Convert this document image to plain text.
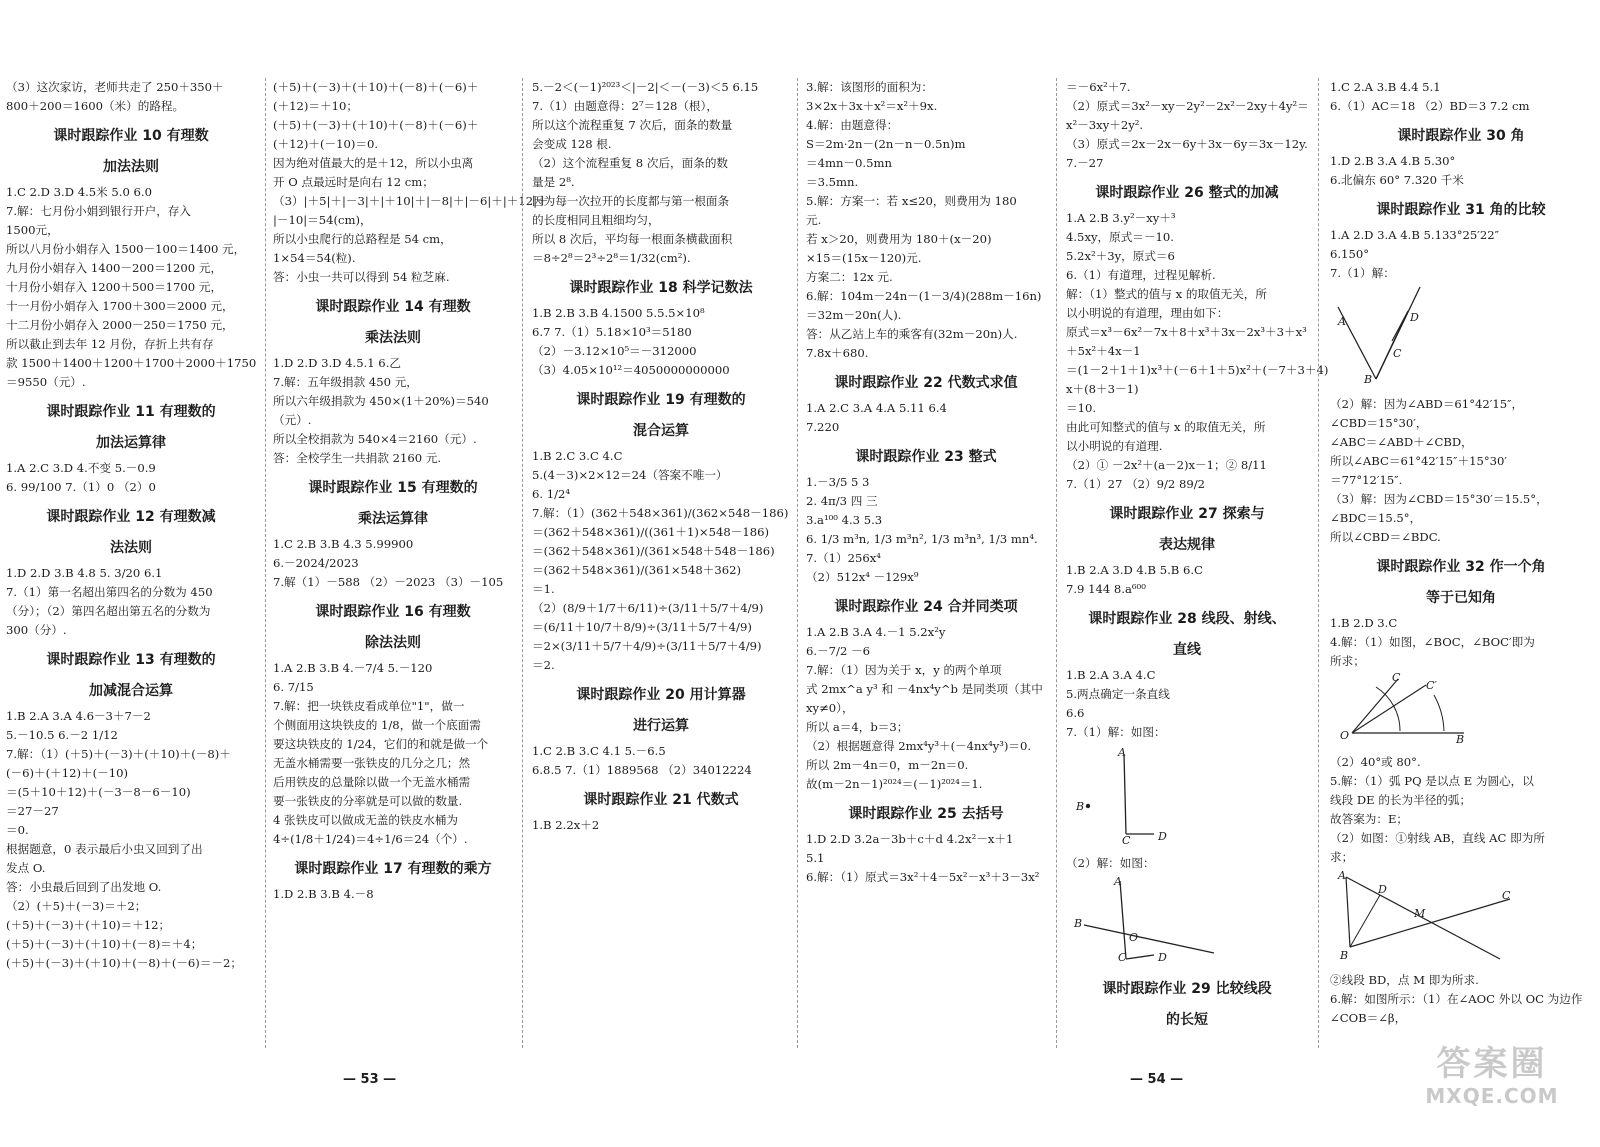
（3）这次家访，老师共走了 250＋350＋
800＋200＝1600（米）的路程。
课时跟踪作业 10 有理数
加法法则
1.C 2.D 3.D 4.5米 5.0 6.0
7.解：七月份小娟到银行开户，存入
1500元，
所以八月份小娟存入 1500－100＝1400 元，
九月份小娟存入 1400－200＝1200 元，
十月份小娟存入 1200＋500＝1700 元，
十一月份小娟存入 1700＋300＝2000 元，
十二月份小娟存入 2000－250＝1750 元，
所以截止到去年 12 月份，存折上共有存
款 1500＋1400＋1200＋1700＋2000＋1750
＝9550（元）.
课时跟踪作业 11 有理数的
加法运算律
1.A 2.C 3.D 4.不变 5.－0.9
6. 99/100 7.（1）0 （2）0
课时跟踪作业 12 有理数减
法法则
1.D 2.D 3.B 4.8 5. 3/20 6.1
7.（1）第一名超出第四名的分数为 450
（分）；（2）第四名超出第五名的分数为
300（分）.
课时跟踪作业 13 有理数的
加减混合运算
1.B 2.A 3.A 4.6－3＋7－2
5.－10.5 6.－2 1/12
7.解：（1）(＋5)＋(－3)＋(＋10)＋(－8)＋
(－6)＋(＋12)＋(－10)
＝(5＋10＋12)＋(－3－8－6－10)
＝27－27
＝0.
根据题意，0 表示最后小虫又回到了出
发点 O.
答：小虫最后回到了出发地 O.
（2）(＋5)＋(－3)＝＋2；
(＋5)＋(－3)＋(＋10)＝＋12；
(＋5)＋(－3)＋(＋10)＋(－8)＝＋4；
(＋5)＋(－3)＋(＋10)＋(－8)＋(－6)＝－2；
(＋5)＋(－3)＋(＋10)＋(－8)＋(－6)＋
(＋12)＝＋10；
(＋5)＋(－3)＋(＋10)＋(－8)＋(－6)＋
(＋12)＋(－10)＝0.
因为绝对值最大的是＋12，所以小虫离
开 O 点最远时是向右 12 cm；
（3）|＋5|＋|－3|＋|＋10|＋|－8|＋|－6|＋|＋12|＋
|－10|＝54(cm)，
所以小虫爬行的总路程是 54 cm，
1×54＝54(粒).
答：小虫一共可以得到 54 粒芝麻.
课时跟踪作业 14 有理数
乘法法则
1.D 2.D 3.D 4.5.1 6.乙
7.解：五年级捐款 450 元，
所以六年级捐款为 450×(1＋20%)＝540
（元）.
所以全校捐款为 540×4＝2160（元）.
答：全校学生一共捐款 2160 元.
课时跟踪作业 15 有理数的
乘法运算律
1.C 2.B 3.B 4.3 5.99900
6.－2024/2023
7.解（1）－588 （2）－2023 （3）－105
课时跟踪作业 16 有理数
除法法则
1.A 2.B 3.B 4.－7/4 5.－120
6. 7/15
7.解：把一块铁皮看成单位"1"，做一
个侧面用这块铁皮的 1/8，做一个底面需
要这块铁皮的 1/24，它们的和就是做一个
无盖水桶需要一张铁皮的几分之几；然
后用铁皮的总量除以做一个无盖水桶需
要一张铁皮的分率就是可以做的数量.
4 张铁皮可以做成无盖的铁皮水桶为
4÷(1/8＋1/24)＝4÷1/6＝24（个）.
课时跟踪作业 17 有理数的乘方
1.D 2.B 3.B 4.－8
5.－2＜(－1)²⁰²³＜|－2|＜－(－3)＜5 6.15
7.（1）由题意得：2⁷＝128（根），
所以这个流程重复 7 次后，面条的数量
会变成 128 根.
（2）这个流程重复 8 次后，面条的数
量是 2⁸.
因为每一次拉开的长度都与第一根面条
的长度相同且粗细均匀，
所以 8 次后，平均每一根面条横截面积
＝8÷2⁸＝2³÷2⁸＝1/32(cm²).
课时跟踪作业 18 科学记数法
1.B 2.B 3.B 4.1500 5.5.5×10⁸
6.7 7.（1）5.18×10³＝5180
（2）－3.12×10⁵＝－312000
（3）4.05×10¹²＝4050000000000
课时跟踪作业 19 有理数的
混合运算
1.B 2.C 3.C 4.C
5.(4－3)×2×12＝24（答案不唯一）
6. 1/2⁴
7.解：（1）(362＋548×361)/(362×548－186)
＝(362＋548×361)/((361＋1)×548－186)
＝(362＋548×361)/(361×548＋548－186)
＝(362＋548×361)/(361×548＋362)
＝1.
（2）(8/9＋1/7＋6/11)÷(3/11＋5/7＋4/9)
＝(6/11＋10/7＋8/9)÷(3/11＋5/7＋4/9)
＝2×(3/11＋5/7＋4/9)÷(3/11＋5/7＋4/9)
＝2.
课时跟踪作业 20 用计算器
进行运算
1.C 2.B 3.C 4.1 5.－6.5
6.8.5 7.（1）1889568 （2）34012224
课时跟踪作业 21 代数式
1.B 2.2x＋2
3.解：该图形的面积为：
3×2x＋3x＋x²＝x²＋9x.
4.解：由题意得：
S＝2m·2n－(2n－n－0.5n)m
＝4mn－0.5mn
＝3.5mn.
5.解：方案一：若 x≤20，则费用为 180
元.
若 x＞20，则费用为 180＋(x－20)
×15＝(15x－120)元.
方案二：12x 元.
6.解：104m－24n－(1－3/4)(288m－16n)
＝32m－20n(人).
答：从乙站上车的乘客有(32m－20n)人.
7.8x＋680.
课时跟踪作业 22 代数式求值
1.A 2.C 3.A 4.A 5.11 6.4
7.220
课时跟踪作业 23 整式
1.－3/5 5 3
2. 4π/3 四 三
3.a¹⁰⁰ 4.3 5.3
6. 1/3 m³n, 1/3 m³n², 1/3 m³n³, 1/3 mn⁴.
7.（1）256x⁴
（2）512x⁴ －129x⁹
课时跟踪作业 24 合并同类项
1.A 2.B 3.A 4.－1 5.2x²y
6.－7/2 －6
7.解：（1）因为关于 x，y 的两个单项
式 2mx^a y³ 和 －4nx⁴y^b 是同类项（其中
xy≠0），
所以 a＝4，b＝3；
（2）根据题意得 2mx⁴y³＋(－4nx⁴y³)＝0.
所以 2m－4n＝0，m－2n＝0.
故(m－2n－1)²⁰²⁴＝(－1)²⁰²⁴＝1.
课时跟踪作业 25 去括号
1.D 2.D 3.2a－3b＋c＋d 4.2x²－x＋1
5.1
6.解：（1）原式＝3x²＋4－5x²－x³＋3－3x²
＝－6x²＋7.
（2）原式＝3x²－xy－2y²－2x²－2xy＋4y²＝
x²－3xy＋2y².
（3）原式＝2x－2x－6y＋3x－6y＝3x－12y.
7.－27
课时跟踪作业 26 整式的加减
1.A 2.B 3.y²－xy＋³
4.5xy，原式＝－10.
5.2x²＋3y，原式＝6
6.（1）有道理，过程见解析.
解：（1）整式的值与 x 的取值无关，所
以小明说的有道理，理由如下：
原式＝x³－6x²－7x＋8＋x³＋3x－2x³＋3＋x³
＋5x²＋4x－1
＝(1－2＋1＋1)x³＋(－6＋1＋5)x²＋(－7＋3＋4)
x＋(8＋3－1)
＝10.
由此可知整式的值与 x 的取值无关，所
以小明说的有道理.
（2）① －2x²＋(a－2)x－1；② 8/11
7.（1）27 （2）9/2 89/2
课时跟踪作业 27 探索与
表达规律
1.B 2.A 3.D 4.B 5.B 6.C
7.9 144 8.a⁶⁰⁰
课时跟踪作业 28 线段、射线、
直线
1.B 2.A 3.A 4.C
5.两点确定一条直线
6.6
7.（1）解：如图：
A
B
C	D
（2）解：如图：
A
B
O
C	D
课时跟踪作业 29 比较线段
的长短
1.C 2.A 3.B 4.4 5.1
6.（1）AC＝18 （2）BD＝3 7.2 cm
课时跟踪作业 30 角
1.D 2.B 3.A 4.B 5.30°
6.北偏东 60° 7.320 千米
课时跟踪作业 31 角的比较
1.A 2.D 3.A 4.B 5.133°25′22″
6.150°
7.（1）解：
A
B
C
D
（2）解：因为∠ABD＝61°42′15″，
∠CBD＝15°30′，
∠ABC＝∠ABD＋∠CBD，
所以∠ABC＝61°42′15″＋15°30′
＝77°12′15″.
（3）解：因为∠CBD＝15°30′＝15.5°，
∠BDC＝15.5°，
所以∠CBD＝∠BDC.
课时跟踪作业 32 作一个角
等于已知角
1.B 2.D 3.C
4.解：（1）如图，∠BOC，∠BOC′即为
所求；
C
C′
O	B
（2）40°或 80°.
5.解：（1）弧 PQ 是以点 E 为圆心，以
线段 DE 的长为半径的弧；
故答案为：E；
（2）如图：①射线 AB，直线 AC 即为所
求；
A
B
C
D
M
②线段 BD，点 M 即为所求.
6.解：如图所示：（1）在∠AOC 外以 OC 为边作
∠COB＝∠β，
— 53 —	— 54 —	答案圈
MXQE.COM
